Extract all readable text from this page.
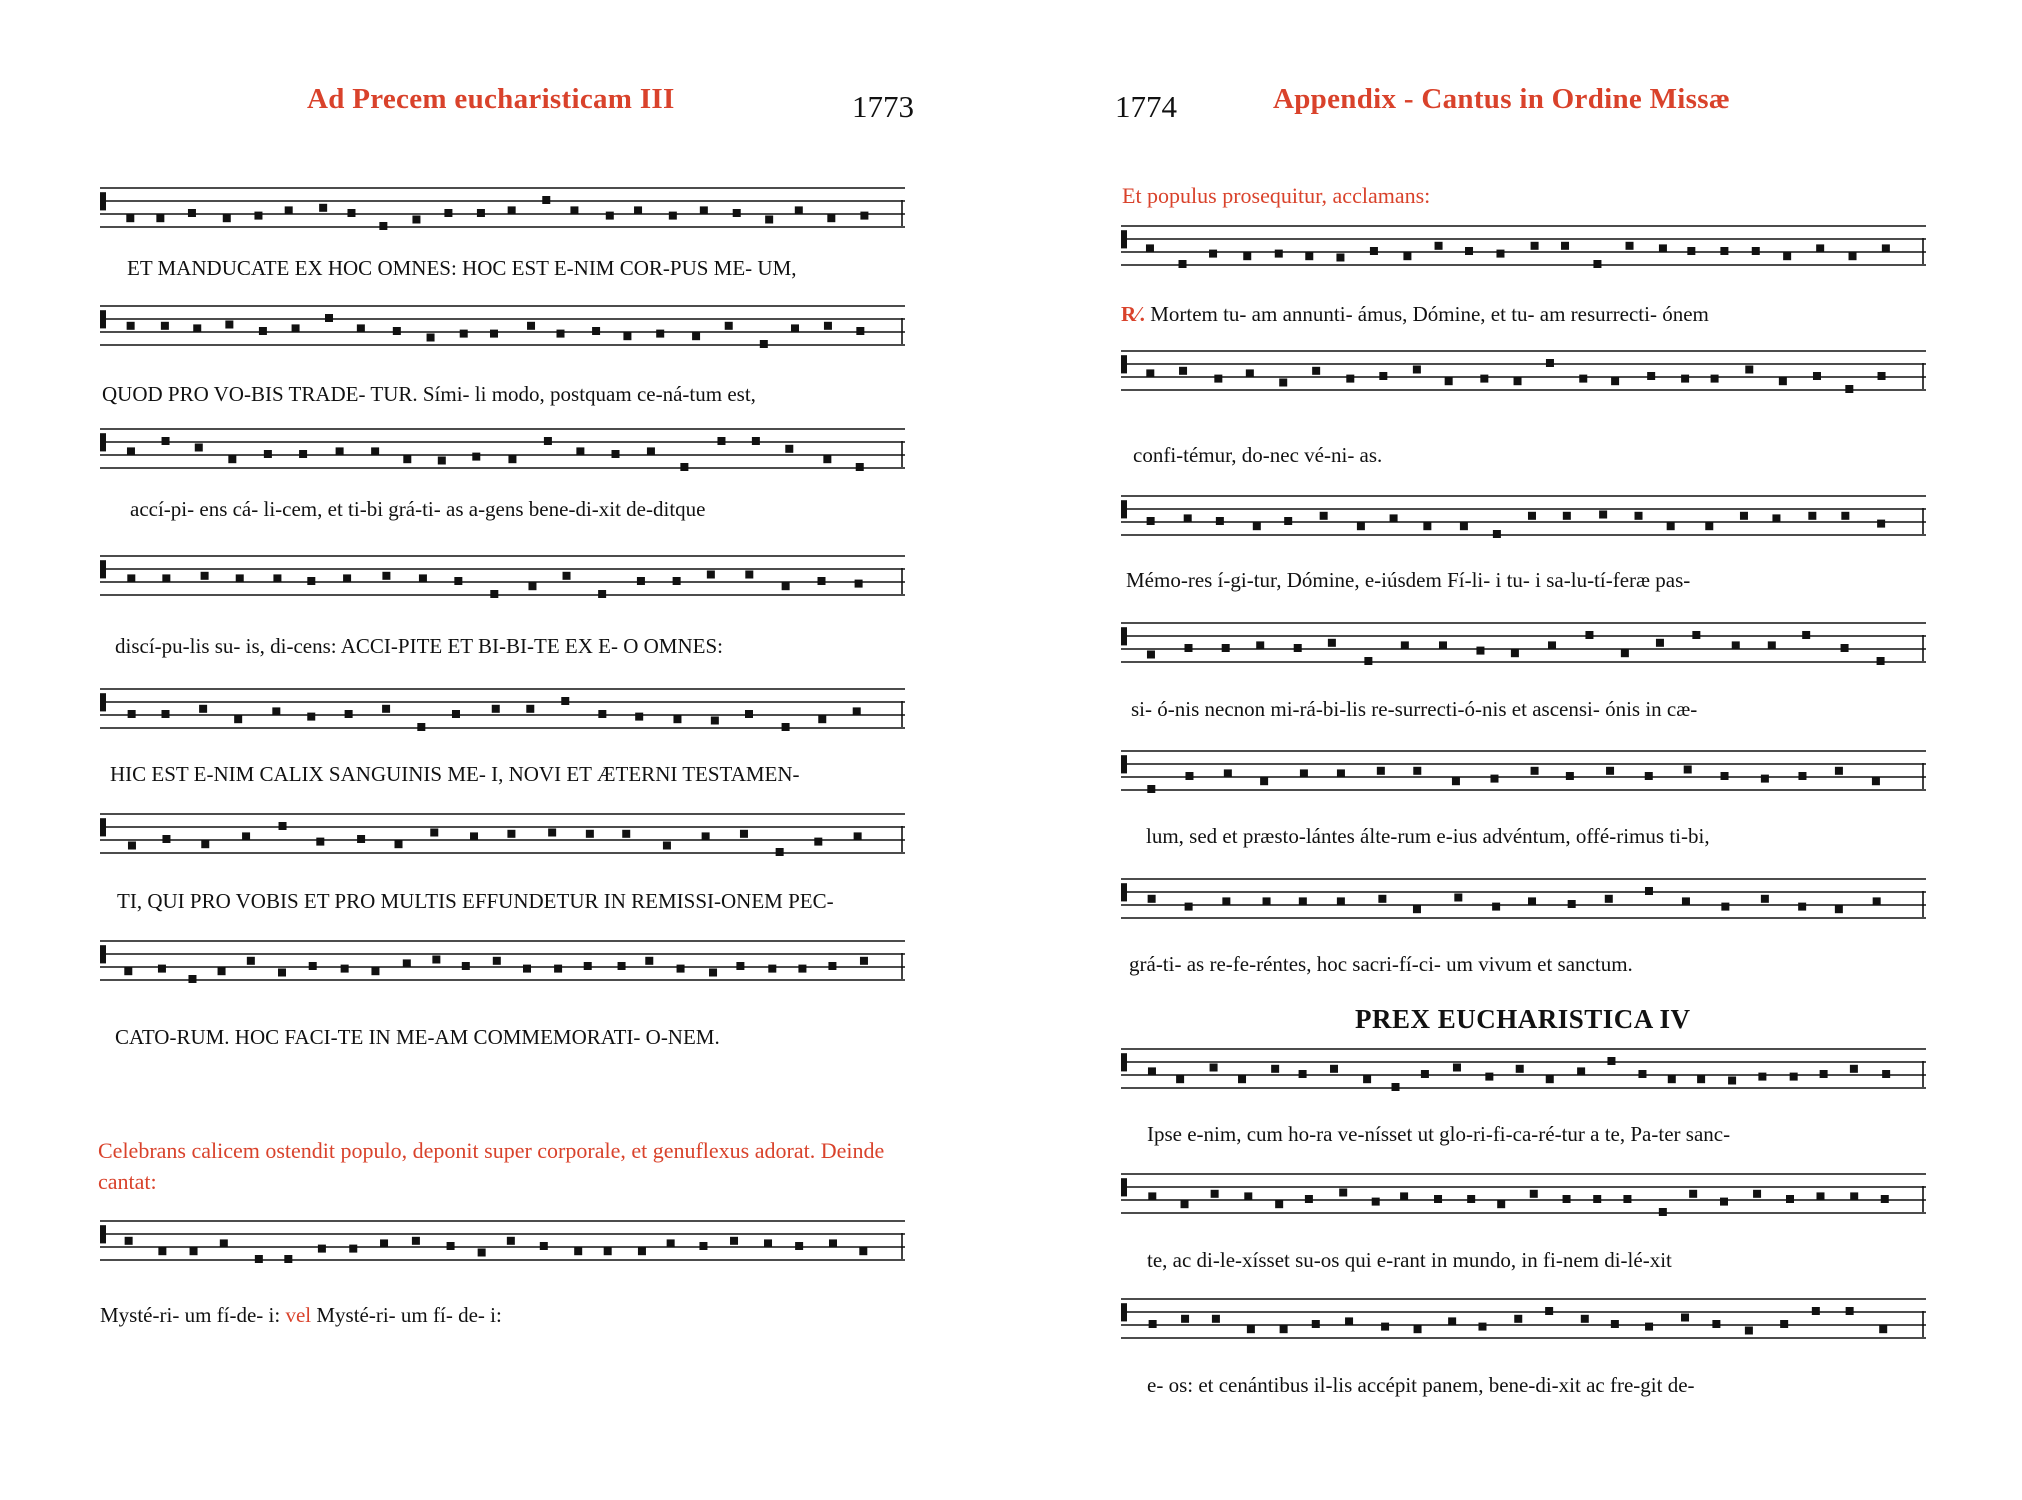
Ad Precem eucharisticam III	1773
ET MANDUCATE EX HOC OMNES: HOC EST E-NIM COR-PUS ME- UM,
QUOD PRO VO-BIS TRADE- TUR. Sími- li modo, postquam ce-ná-tum est,
accí-pi- ens cá- li-cem, et ti-bi grá-ti- as a-gens bene-di-xit de-ditque
discí-pu-lis su- is, di-cens: ACCI-PITE ET BI-BI-TE EX E- O OMNES:
HIC EST E-NIM CALIX SANGUINIS ME- I, NOVI ET ÆTERNI TESTAMEN-
TI, QUI PRO VOBIS ET PRO MULTIS EFFUNDETUR IN REMISSI-ONEM PEC-
CATO-RUM. HOC FACI-TE IN ME-AM COMMEMORATI- O-NEM.
Celebrans calicem ostendit populo, deponit super corporale, et genuflexus adorat. Deinde cantat:
Mysté-ri- um fí-de- i: vel Mysté-ri- um fí- de- i:
1774	Appendix - Cantus in Ordine Missæ
Et populus prosequitur, acclamans:
R⁄. Mortem tu- am annunti- ámus, Dómine, et tu- am resurrecti- ónem
confi-témur, do-nec vé-ni- as.
Mémo-res í-gi-tur, Dómine, e-iúsdem Fí-li- i tu- i sa-lu-tí-feræ pas-
si- ó-nis necnon mi-rá-bi-lis re-surrecti-ó-nis et ascensi- ónis in cæ-
lum, sed et præsto-lántes álte-rum e-ius advéntum, offé-rimus ti-bi,
grá-ti- as re-fe-réntes, hoc sacri-fí-ci- um vivum et sanctum.
PREX EUCHARISTICA IV
Ipse e-nim, cum ho-ra ve-nísset ut glo-ri-fi-ca-ré-tur a te, Pa-ter sanc-
te, ac di-le-xísset su-os qui e-rant in mundo, in fi-nem di-lé-xit
e- os: et cenántibus il-lis accépit panem, bene-di-xit ac fre-git de-
